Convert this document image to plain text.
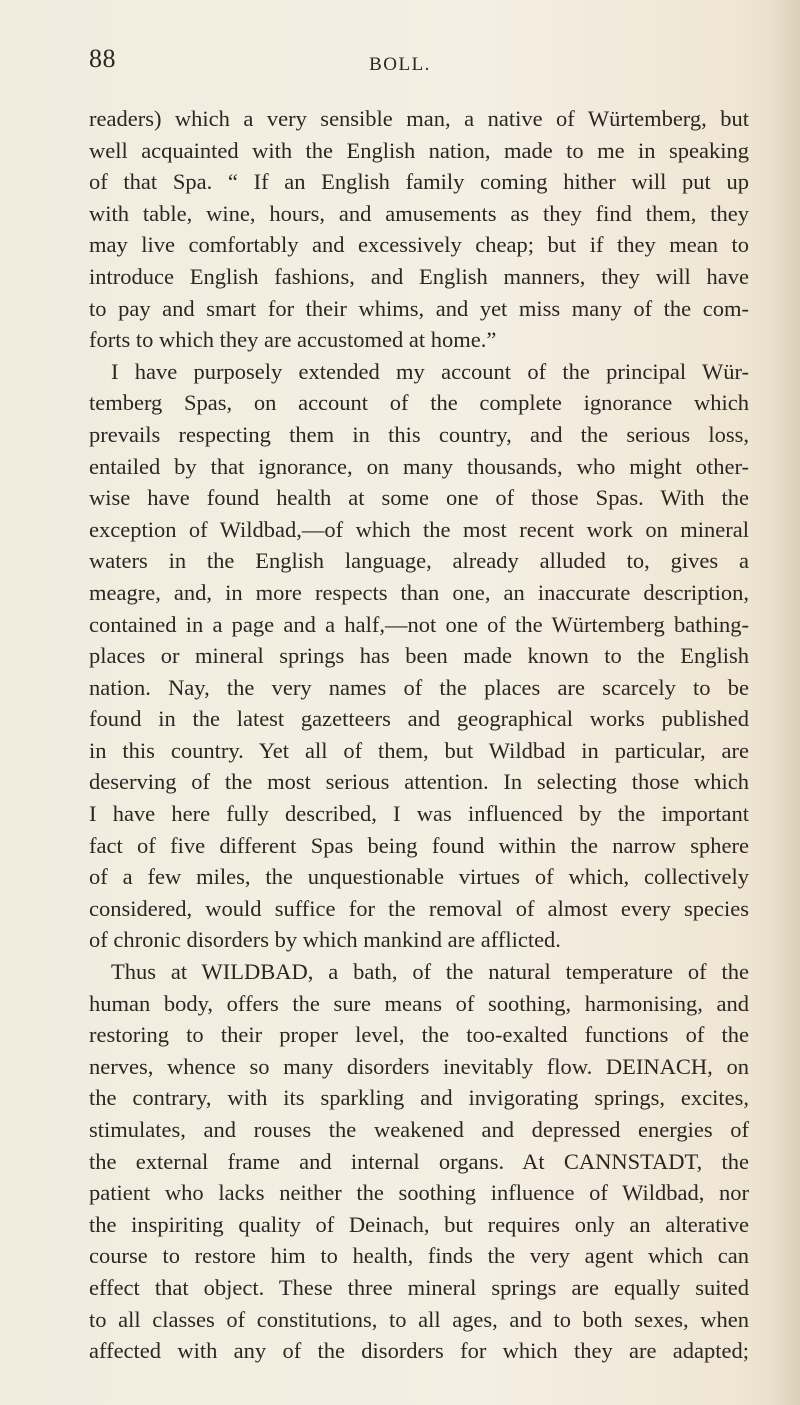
88	BOLL.
readers) which a very sensible man, a native of Würtemberg, but
well acquainted with the English nation, made to me in speaking
of that Spa. “ If an English family coming hither will put up
with table, wine, hours, and amusements as they find them, they
may live comfortably and excessively cheap; but if they mean to
introduce English fashions, and English manners, they will have
to pay and smart for their whims, and yet miss many of the com-
forts to which they are accustomed at home.”
I have purposely extended my account of the principal Wür-
temberg Spas, on account of the complete ignorance which
prevails respecting them in this country, and the serious loss,
entailed by that ignorance, on many thousands, who might other-
wise have found health at some one of those Spas. With the
exception of Wildbad,—of which the most recent work on mineral
waters in the English language, already alluded to, gives a
meagre, and, in more respects than one, an inaccurate description,
contained in a page and a half,—not one of the Würtemberg bathing-
places or mineral springs has been made known to the English
nation. Nay, the very names of the places are scarcely to be
found in the latest gazetteers and geographical works published
in this country. Yet all of them, but Wildbad in particular, are
deserving of the most serious attention. In selecting those which
I have here fully described, I was influenced by the important
fact of five different Spas being found within the narrow sphere
of a few miles, the unquestionable virtues of which, collectively
considered, would suffice for the removal of almost every species
of chronic disorders by which mankind are afflicted.
Thus at WILDBAD, a bath, of the natural temperature of the
human body, offers the sure means of soothing, harmonising, and
restoring to their proper level, the too-exalted functions of the
nerves, whence so many disorders inevitably flow. DEINACH, on
the contrary, with its sparkling and invigorating springs, excites,
stimulates, and rouses the weakened and depressed energies of
the external frame and internal organs. At CANNSTADT, the
patient who lacks neither the soothing influence of Wildbad, nor
the inspiriting quality of Deinach, but requires only an alterative
course to restore him to health, finds the very agent which can
effect that object. These three mineral springs are equally suited
to all classes of constitutions, to all ages, and to both sexes, when
affected with any of the disorders for which they are adapted;
